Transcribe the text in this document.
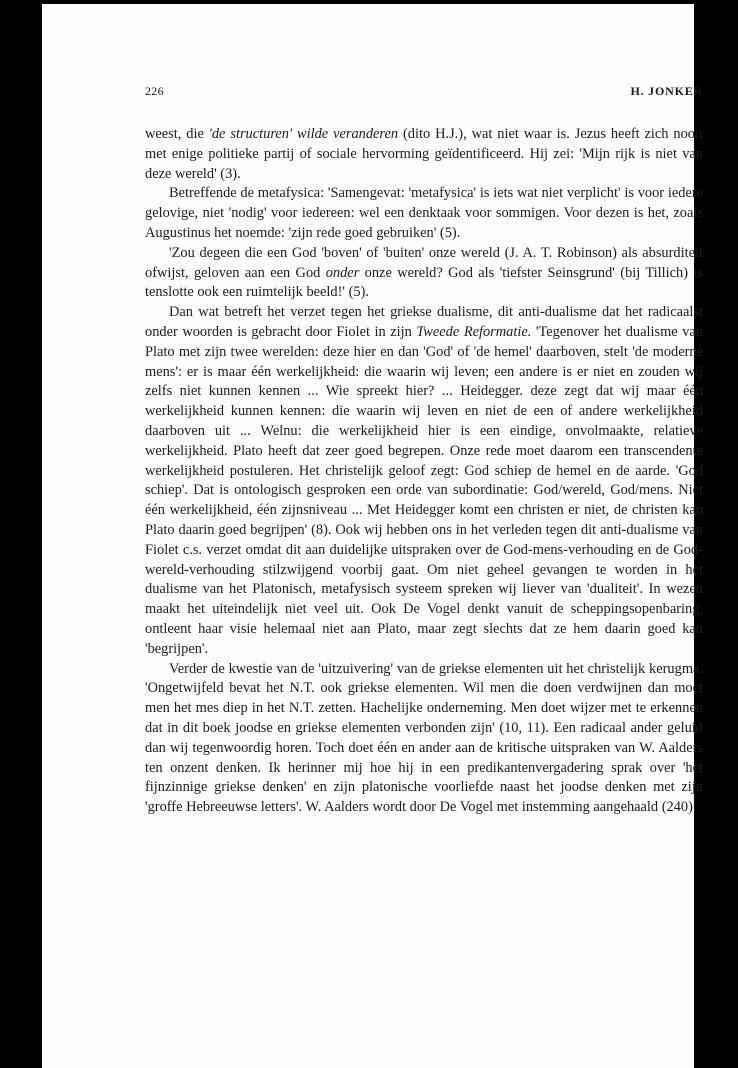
226	H. JONKER

weest, die 'de structuren' wilde veranderen (dito H.J.), wat niet waar is. Jezus heeft zich nooit met enige politieke partij of sociale hervorming geïdentificeerd. Hij zei: 'Mijn rijk is niet van deze wereld' (3).

Betreffende de metafysica: 'Samengevat: 'metafysica' is iets wat niet verplicht' is voor iedere gelovige, niet 'nodig' voor iedereen: wel een denktaak voor sommigen. Voor dezen is het, zoals Augustinus het noemde: 'zijn rede goed gebruiken' (5).

'Zou degeen die een God 'boven' of 'buiten' onze wereld (J. A. T. Robinson) als absurditeit ofwijst, geloven aan een God onder onze wereld? God als 'tiefster Seinsgrund' (bij Tillich) is tenslotte ook een ruimtelijk beeld!' (5).

Dan wat betreft het verzet tegen het griekse dualisme, dit anti-dualisme dat het radicaalst onder woorden is gebracht door Fiolet in zijn Tweede Reformatie. 'Tegenover het dualisme van Plato met zijn twee werelden: deze hier en dan 'God' of 'de hemel' daarboven, stelt 'de moderne mens': er is maar één werkelijkheid: die waarin wij leven; een andere is er niet en zouden wij zelfs niet kunnen kennen ... Wie spreekt hier? ... Heidegger. deze zegt dat wij maar één werkelijkheid kunnen kennen: die waarin wij leven en niet de een of andere werkelijkheid daarboven uit ... Welnu: die werkelijkheid hier is een eindige, onvolmaakte, relatieve werkelijkheid. Plato heeft dat zeer goed begrepen. Onze rede moet daarom een transcendente werkelijkheid postuleren. Het christelijk geloof zegt: God schiep de hemel en de aarde. 'God schiep'. Dat is ontologisch gesproken een orde van subordinatie: God/wereld, God/mens. Niet één werkelijkheid, één zijnsniveau ... Met Heidegger komt een christen er niet, de christen kan Plato daarin goed begrijpen' (8). Ook wij hebben ons in het verleden tegen dit anti-dualisme van Fiolet c.s. verzet omdat dit aan duidelijke uitspraken over de God-mens-verhouding en de God-wereld-verhouding stilzwijgend voorbij gaat. Om niet geheel gevangen te worden in het dualisme van het Platonisch, metafysisch systeem spreken wij liever van 'dualiteit'. In wezen maakt het uiteindelijk niet veel uit. Ook De Vogel denkt vanuit de scheppingsopenbaring, ontleent haar visie helemaal niet aan Plato, maar zegt slechts dat ze hem daarin goed kan 'begrijpen'.

Verder de kwestie van de 'uitzuivering' van de griekse elementen uit het christelijk kerugma. 'Ongetwijfeld bevat het N.T. ook griekse elementen. Wil men die doen verdwijnen dan moet men het mes diep in het N.T. zetten. Hachelijke onderneming. Men doet wijzer met te erkennen dat in dit boek joodse en griekse elementen verbonden zijn' (10, 11). Een radicaal ander geluid dan wij tegenwoordig horen. Toch doet één en ander aan de kritische uitspraken van W. Aalders ten onzent denken. Ik herinner mij hoe hij in een predikantenvergadering sprak over 'het fijnzinnige griekse denken' en zijn platonische voorliefde naast het joodse denken met zijn 'groffe Hebreeuwse letters'. W. Aalders wordt door De Vogel met instemming aangehaald (240).
